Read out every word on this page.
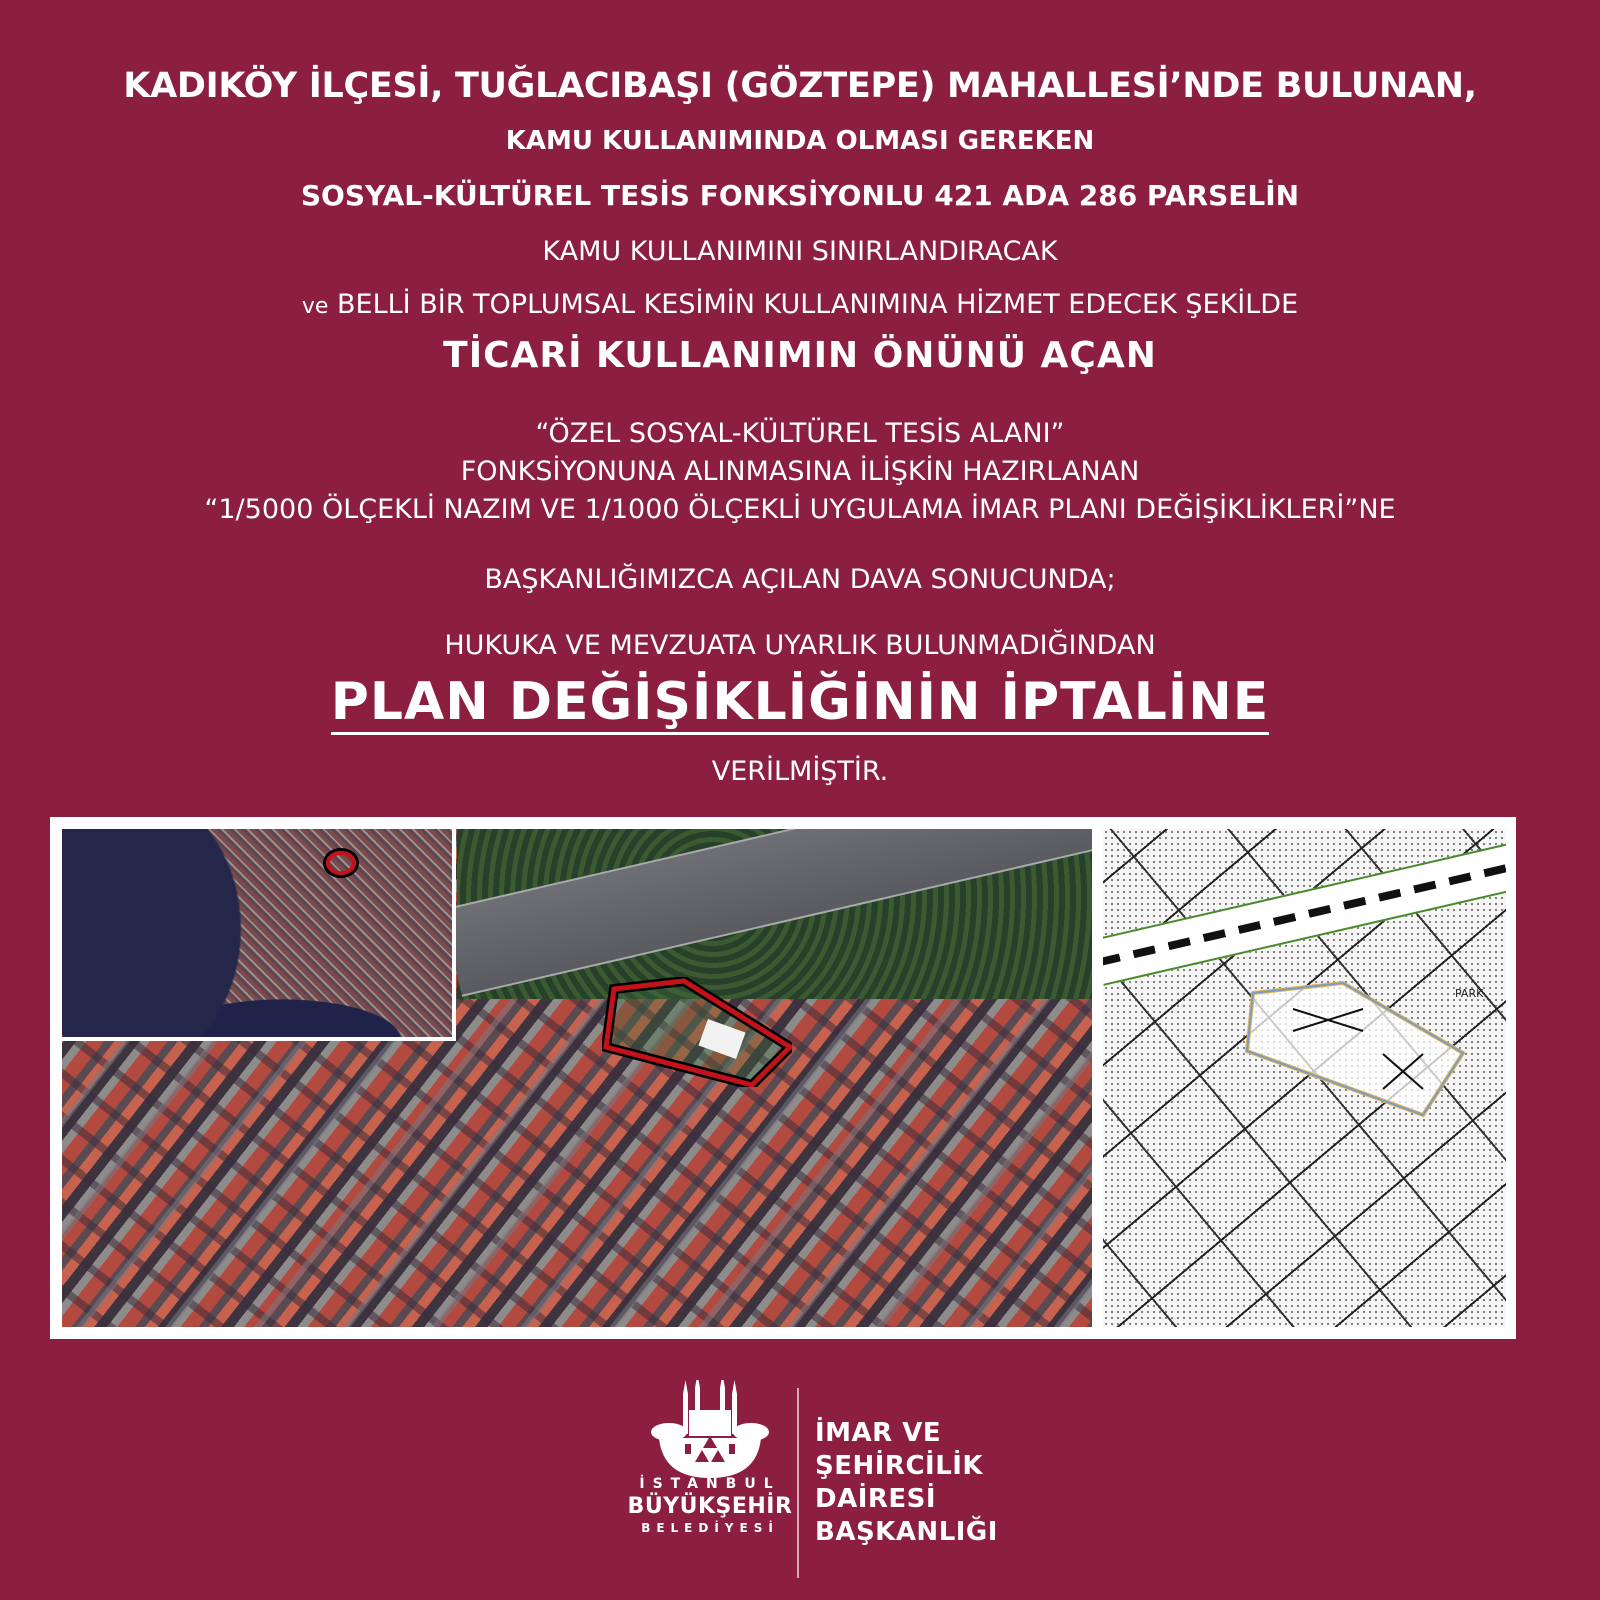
KADIKÖY İLÇESİ, TUĞLACIBAŞI (GÖZTEPE) MAHALLESİ’NDE BULUNAN,
KAMU KULLANIMINDA OLMASI GEREKEN
SOSYAL-KÜLTÜREL TESİS FONKSİYONLU 421 ADA 286 PARSELİN
KAMU KULLANIMINI SINIRLANDIRACAK
ve BELLİ BİR TOPLUMSAL KESİMİN KULLANIMINA HİZMET EDECEK ŞEKİLDE
TİCARİ KULLANIMIN ÖNÜNÜ AÇAN
“ÖZEL SOSYAL-KÜLTÜREL TESİS ALANI”
FONKSİYONUNA ALINMASINA İLİŞKİN HAZIRLANAN
“1/5000 ÖLÇEKLİ NAZIM VE 1/1000 ÖLÇEKLİ UYGULAMA İMAR PLANI DEĞİŞİKLİKLERİ”NE
BAŞKANLIĞIMIZCA AÇILAN DAVA SONUCUNDA;
HUKUKA VE MEVZUATA UYARLIK BULUNMADIĞINDAN
PLAN DEĞİŞİKLİĞİNİN İPTALİNE
VERİLMİŞTİR.
PARK
İSTANBUL
BÜYÜKŞEHİR
BELEDİYESİ
İMAR VE
ŞEHİRCİLİK
DAİRESİ
BAŞKANLIĞI
